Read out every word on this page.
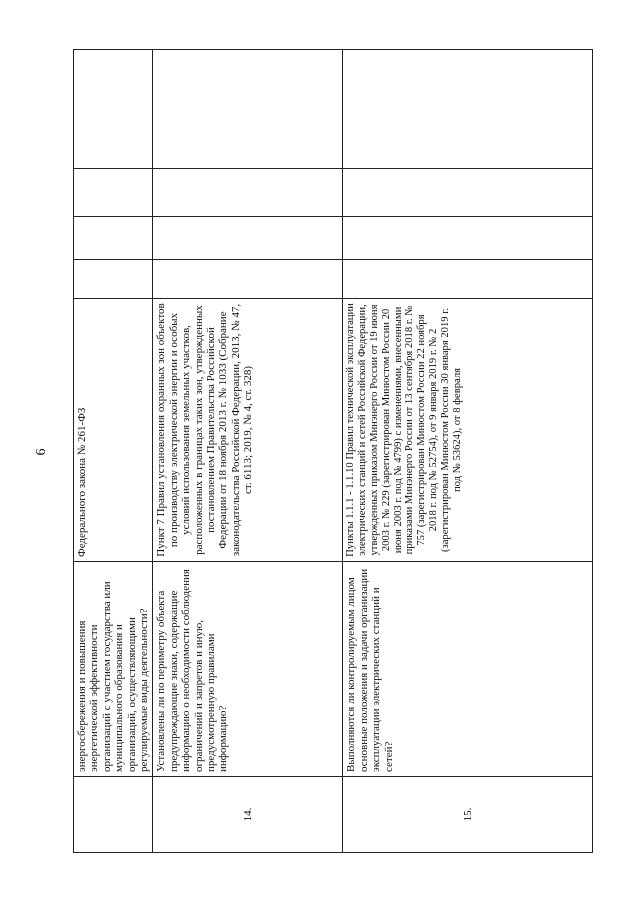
6
	энергосбережения и повышения энергетической эффективности организаций с участием государства или муниципального образования и организаций, осуществляющими регулируемые виды деятельности?	Федерального закона № 261-ФЗ				
14.	Установлены ли по периметру объекта предупреждающие знаки, содержащие информацию о необходимости соблюдения ограничений и запретов и иную, предусмотренную правилами информацию?	Пункт 7 Правил установления охранных зон объектов по производству электрической энергии и особых условий использования земельных участков, расположенных в границах таких зон, утвержденных постановлением Правительства Российской Федерации от 18 ноября 2013 г. № 1033 (Собрание законодательства Российской Федерации, 2013, № 47, ст. 6113; 2019, № 4, ст. 328)				
15.	Выполняются ли контролируемым лицом основные положения и задачи организации эксплуатации электрических станций и сетей?	Пункты 1.1.1 - 1.1.10 Правил технической эксплуатации электрических станций и сетей Российской Федерации, утвержденных приказом Минэнерго России от 19 июня 2003 г. № 229 (зарегистрирован Минюстом России 20 июня 2003 г. под № 4799) с изменениями, внесенными приказами Минэнерго России от 13 сентября 2018 г. № 757 (зарегистрирован Минюстом России 22 ноября 2018 г. под № 52754), от 9 января 2019 г. № 2 (зарегистрирован Минюстом России 30 января 2019 г. под № 53624), от 8 февраля				
